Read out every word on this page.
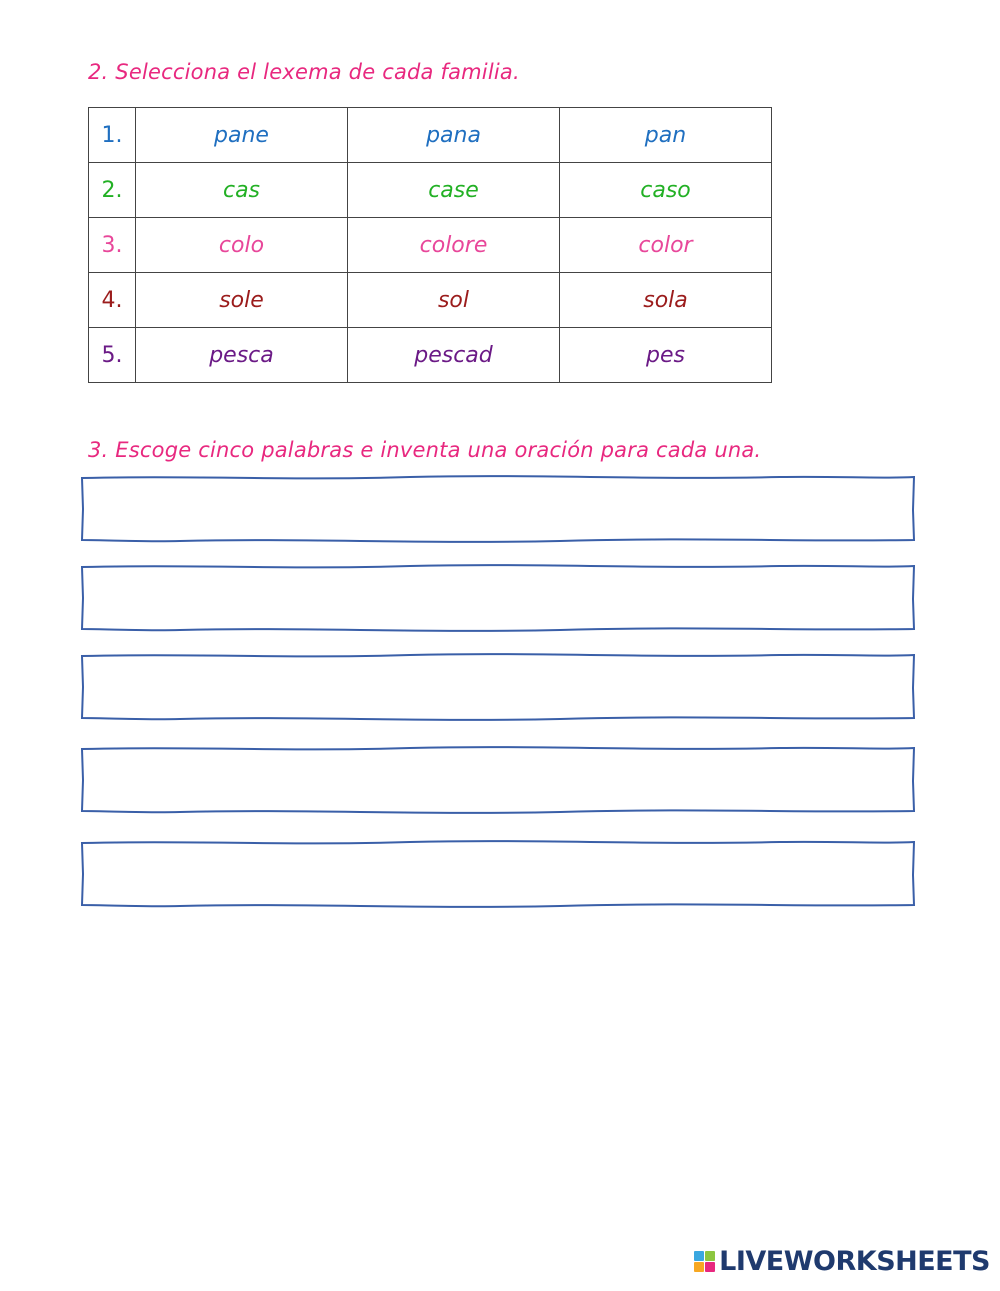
2. Selecciona el lexema de cada familia.
1.	pane	pana	pan
2.	cas	case	caso
3.	colo	colore	color
4.	sole	sol	sola
5.	pesca	pescad	pes
3. Escoge cinco palabras e inventa una oración para cada una.
LIVEWORKSHEETS
